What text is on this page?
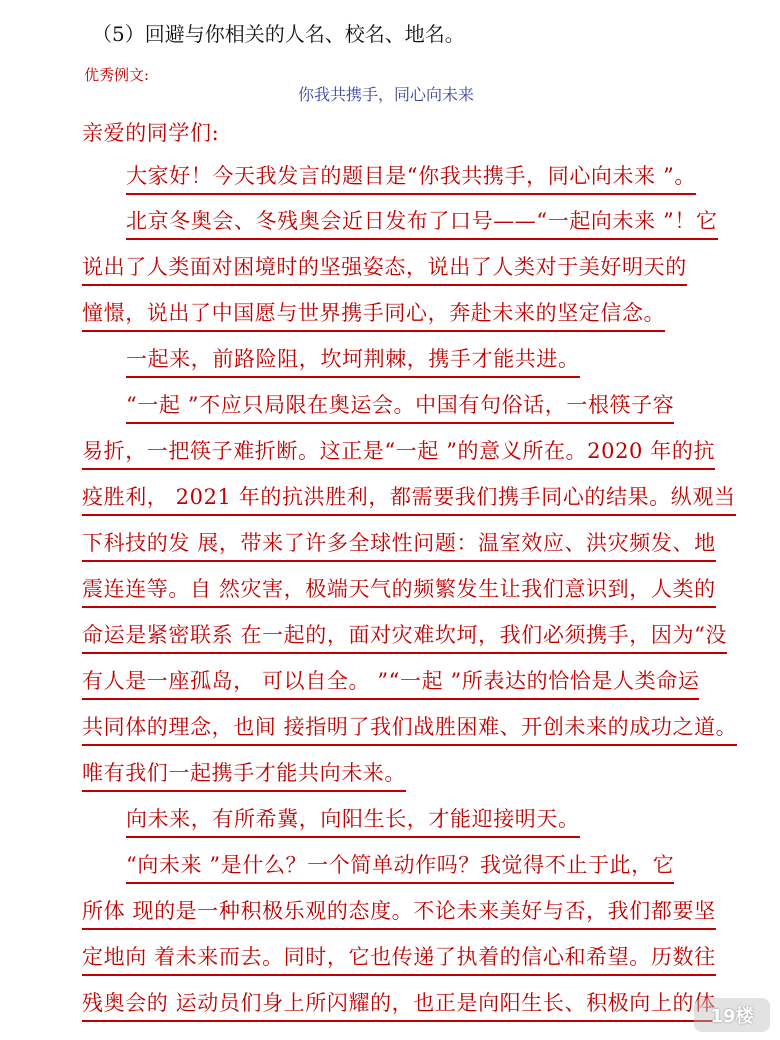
（5）回避与你相关的人名、校名、地名。
优秀例文:
你我共携手，同心向未来
亲爱的同学们:
大家好！今天我发言的题目是“你我共携手，同心向未来 ”。
北京冬奥会、冬残奥会近日发布了口号——“一起向未来 ”！它
说出了人类面对困境时的坚强姿态，说出了人类对于美好明天的
憧憬，说出了中国愿与世界携手同心，奔赴未来的坚定信念。
一起来，前路险阻，坎坷荆棘，携手才能共进。
“一起 ”不应只局限在奥运会。中国有句俗话，一根筷子容
易折，一把筷子难折断。这正是“一起 ”的意义所在。2020 年的抗
疫胜利， 2021 年的抗洪胜利，都需要我们携手同心的结果。纵观当
下科技的发 展，带来了许多全球性问题：温室效应、洪灾频发、地
震连连等。自 然灾害，极端天气的频繁发生让我们意识到，人类的
命运是紧密联系 在一起的，面对灾难坎坷，我们必须携手，因为“没
有人是一座孤岛， 可以自全。 ”“一起 ”所表达的恰恰是人类命运
共同体的理念，也间 接指明了我们战胜困难、开创未来的成功之道。
唯有我们一起携手才能共向未来。
向未来，有所希冀，向阳生长，才能迎接明天。
“向未来 ”是什么？一个简单动作吗？我觉得不止于此，它
所体 现的是一种积极乐观的态度。不论未来美好与否，我们都要坚
定地向 着未来而去。同时，它也传递了执着的信心和希望。历数往
残奥会的 运动员们身上所闪耀的，也正是向阳生长、积极向上的体
19楼
